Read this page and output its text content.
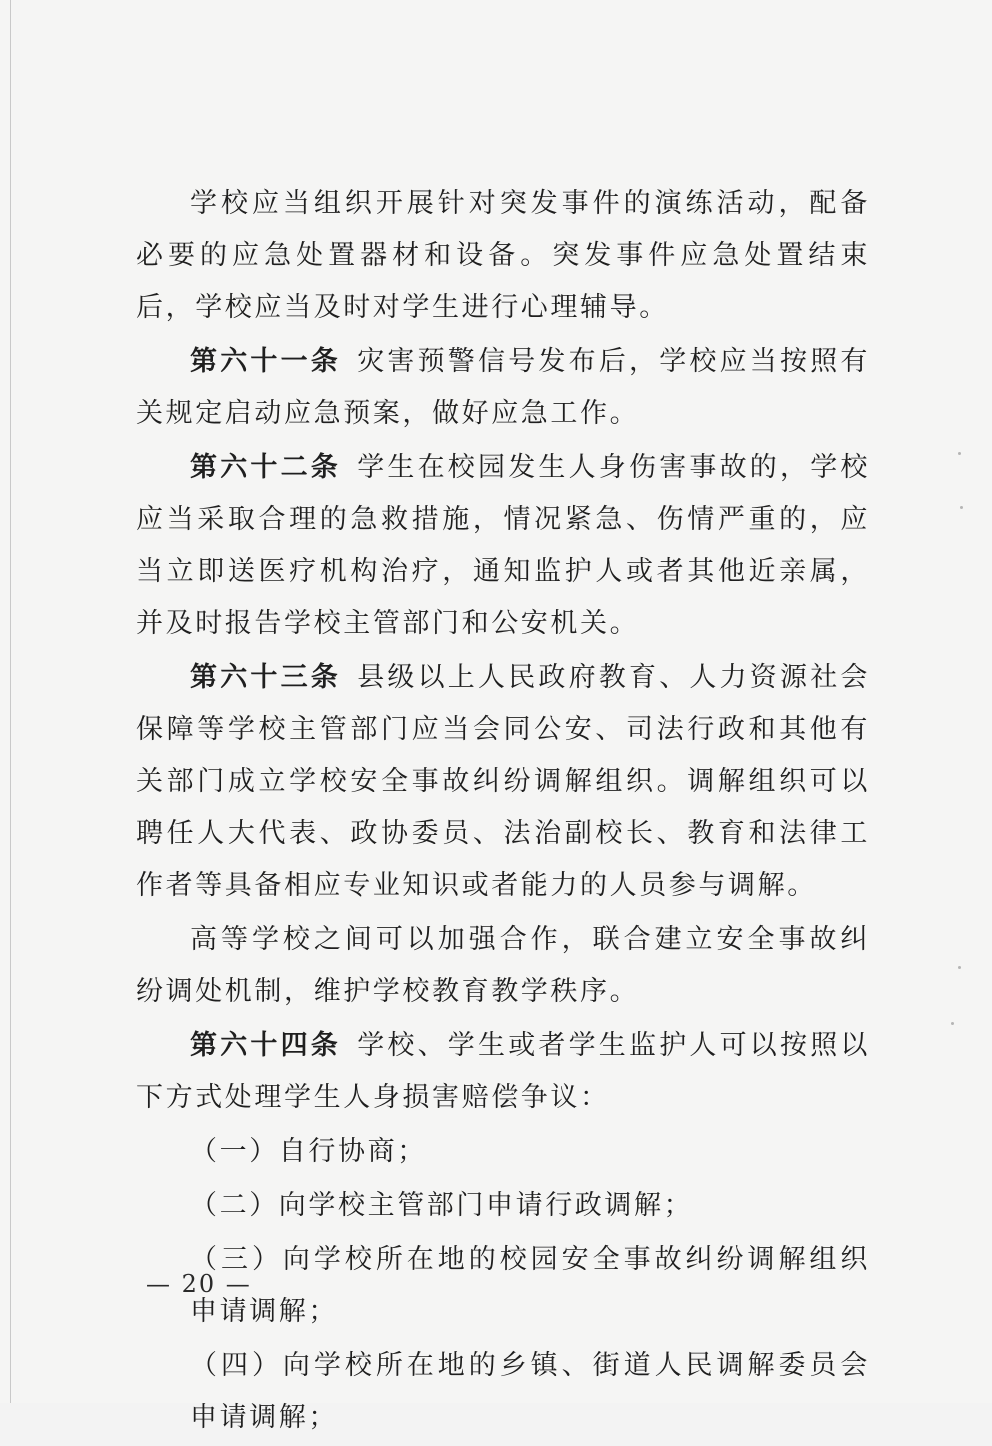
学校应当组织开展针对突发事件的演练活动，配备必要的应急处置器材和设备。突发事件应急处置结束后，学校应当及时对学生进行心理辅导。

第六十一条 灾害预警信号发布后，学校应当按照有关规定启动应急预案，做好应急工作。

第六十二条 学生在校园发生人身伤害事故的，学校应当采取合理的急救措施，情况紧急、伤情严重的，应当立即送医疗机构治疗，通知监护人或者其他近亲属，并及时报告学校主管部门和公安机关。

第六十三条 县级以上人民政府教育、人力资源社会保障等学校主管部门应当会同公安、司法行政和其他有关部门成立学校安全事故纠纷调解组织。调解组织可以聘任人大代表、政协委员、法治副校长、教育和法律工作者等具备相应专业知识或者能力的人员参与调解。

高等学校之间可以加强合作，联合建立安全事故纠纷调处机制，维护学校教育教学秩序。

第六十四条 学校、学生或者学生监护人可以按照以下方式处理学生人身损害赔偿争议：

（一）自行协商；
（二）向学校主管部门申请行政调解；
（三）向学校所在地的校园安全事故纠纷调解组织申请调解；
（四）向学校所在地的乡镇、街道人民调解委员会申请调解；
— 20 —
